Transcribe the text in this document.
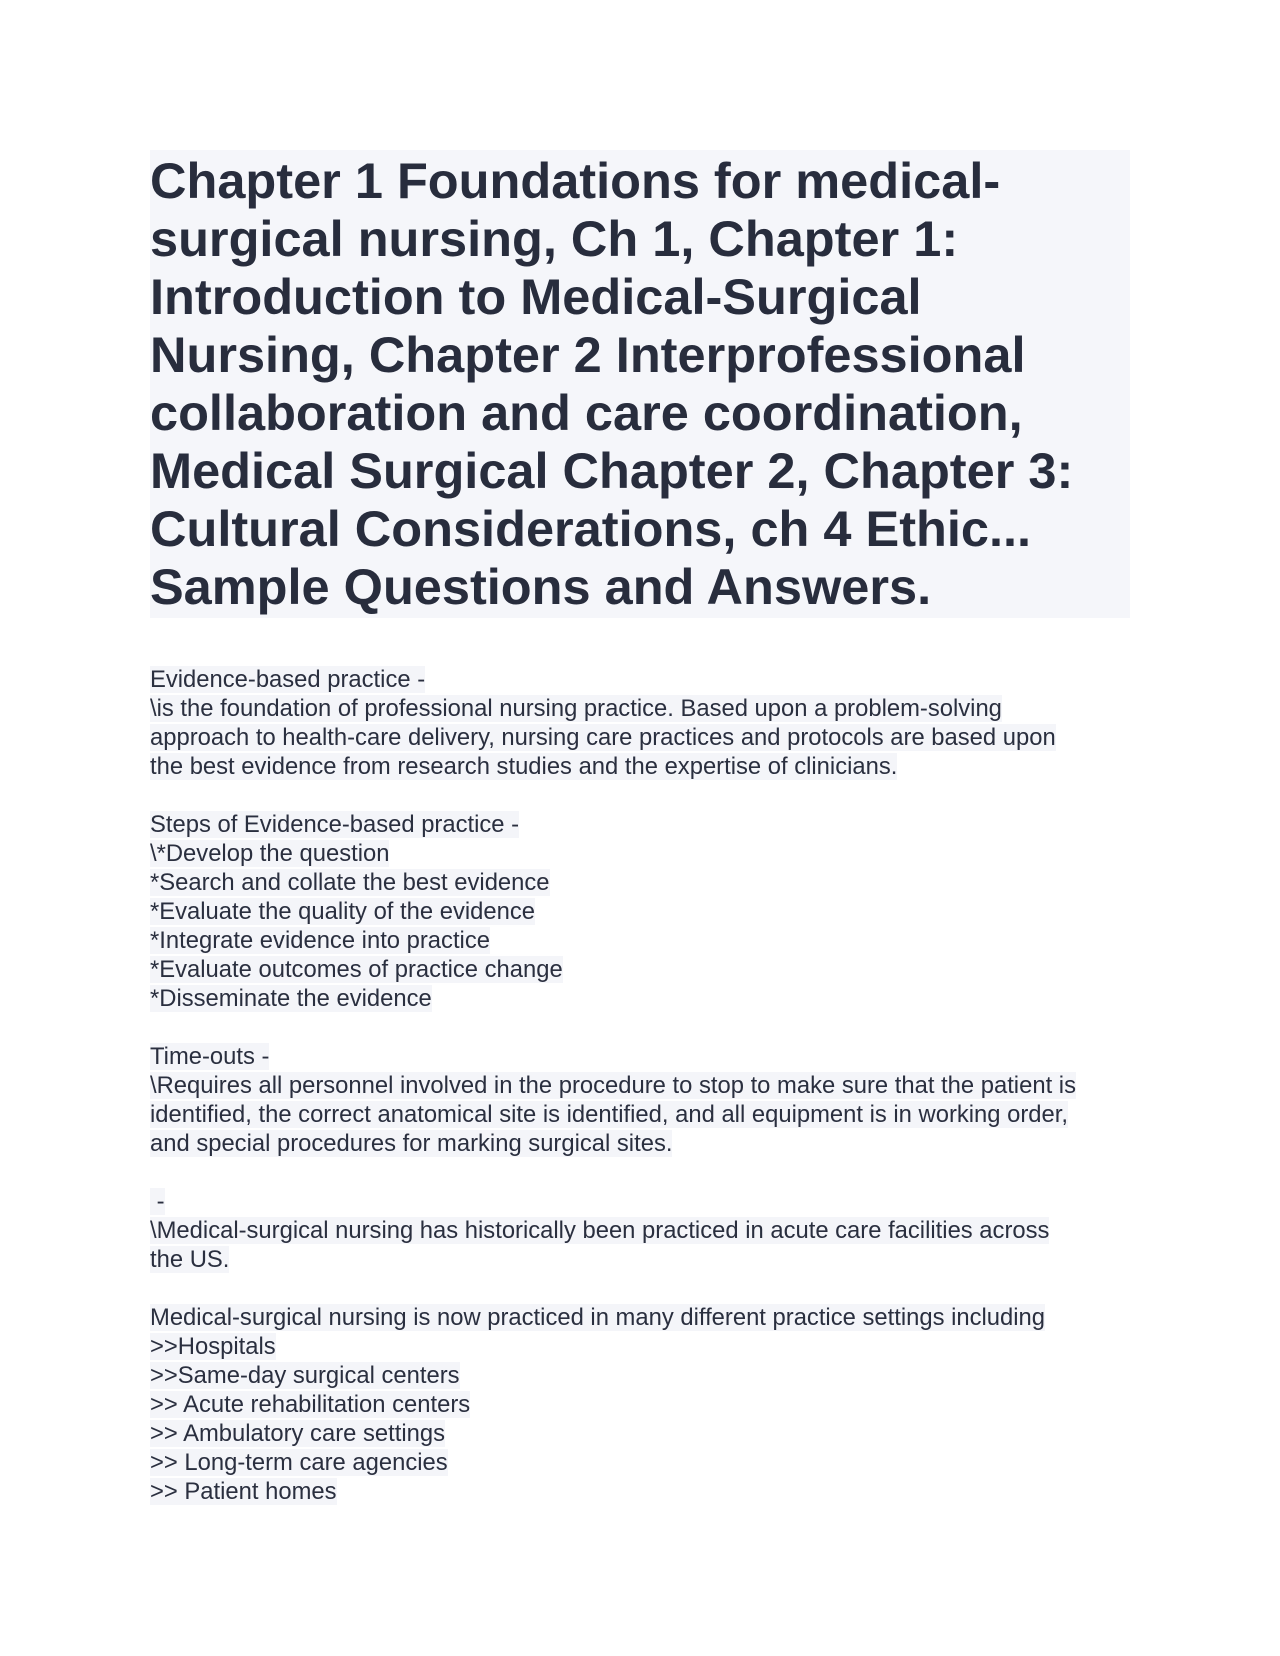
Chapter 1 Foundations for medical-
surgical nursing, Ch 1, Chapter 1:
Introduction to Medical-Surgical
Nursing, Chapter 2 Interprofessional
collaboration and care coordination,
Medical Surgical Chapter 2, Chapter 3:
Cultural Considerations, ch 4 Ethic...
Sample Questions and Answers.
Evidence-based practice -
\is the foundation of professional nursing practice. Based upon a problem-solving
approach to health-care delivery, nursing care practices and protocols are based upon
the best evidence from research studies and the expertise of clinicians.
Steps of Evidence-based practice -
\*Develop the question
*Search and collate the best evidence
*Evaluate the quality of the evidence
*Integrate evidence into practice
*Evaluate outcomes of practice change
*Disseminate the evidence
Time-outs -
\Requires all personnel involved in the procedure to stop to make sure that the patient is
identified, the correct anatomical site is identified, and all equipment is in working order,
and special procedures for marking surgical sites.
-
\Medical-surgical nursing has historically been practiced in acute care facilities across
the US.
Medical-surgical nursing is now practiced in many different practice settings including
>>Hospitals
>>Same-day surgical centers
>> Acute rehabilitation centers
>> Ambulatory care settings
>> Long-term care agencies
>> Patient homes
